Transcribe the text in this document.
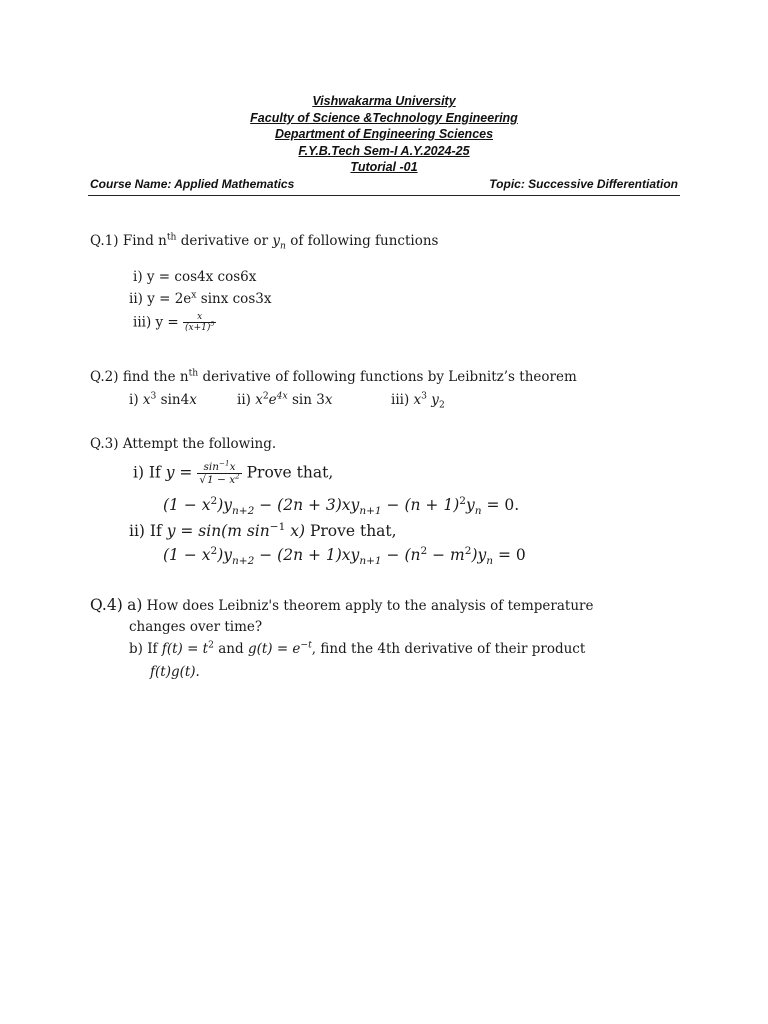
Vishwakarma University
Faculty of Science &Technology Engineering
Department of Engineering Sciences
F.Y.B.Tech Sem-I A.Y.2024-25
Tutorial -01
Course Name: Applied Mathematics	Topic: Successive Differentiation
Q.1) Find $n^{th}$ derivative or $y_n$ of following functions
i) y = cos4x cos6x
ii) $y = 2e^x$ sinx cos3x
iii) $y = \frac{x}{(x+1)^5}$
Q.2) find the $n^{th}$ derivative of following functions by Leibnitz’s theorem
i) $x^3$ sin4x	ii) $x^2e^{4x}$ sin 3x	iii) $x^3$ $y_2$
Q.3) Attempt the following.
i) If $y = \frac{\sin^{-1}x}{√1 - x^2}$ Prove that,
$(1 - x^2)y_{n+2} - (2n + 3)xy_{n+1} - (n + 1)^2y_n = 0$.
ii) If y = sin(m $\sin^{-1} x$) Prove that,
$(1 - x^2)y_{n+2} - (2n + 1)xy_{n+1} - (n^2 - m^2)y_n = 0$
Q.4) a) How does Leibniz's theorem apply to the analysis of temperature
changes over time?
b) If $f(t) = t^2$ and $g(t) = e^{-t}$, find the 4th derivative of their product
f(t)g(t).
